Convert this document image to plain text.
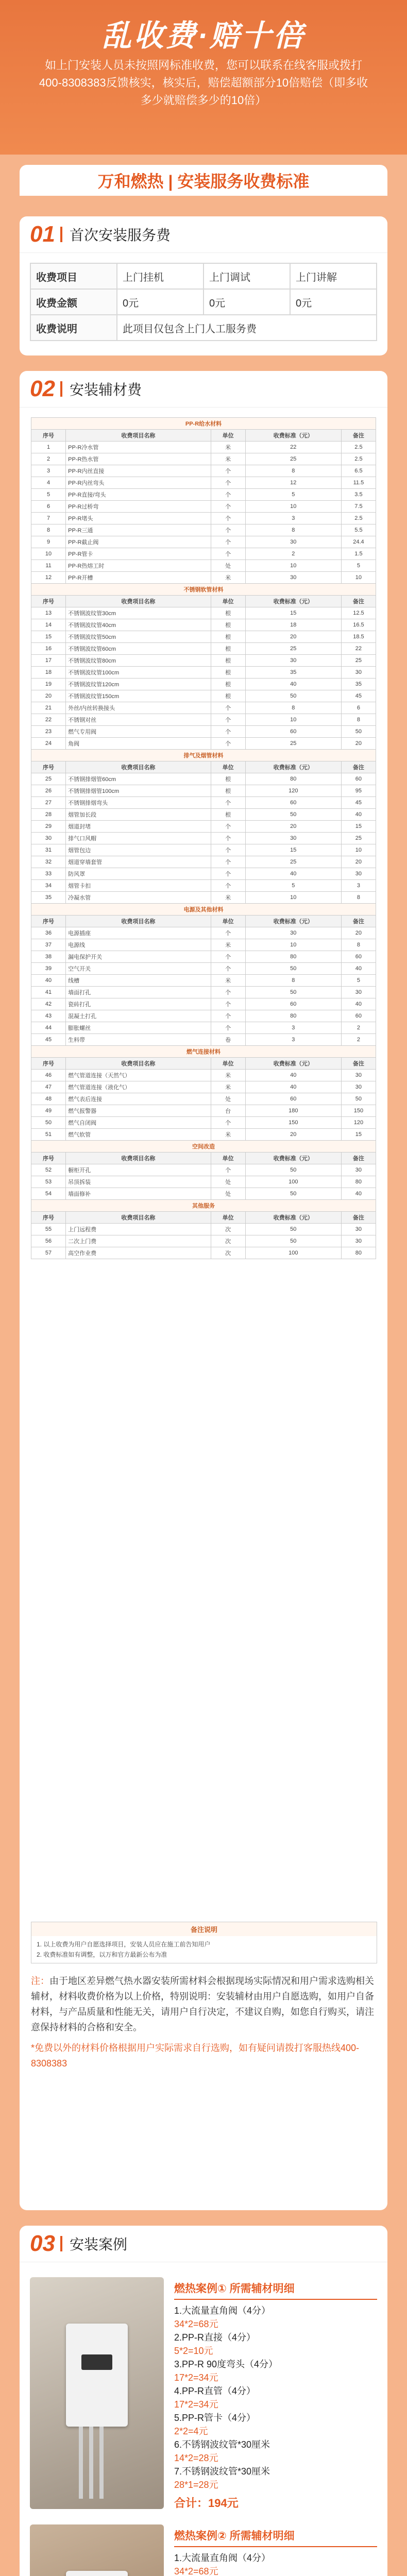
乱收费·赔十倍
如上门安装人员未按照网标准收费，您可以联系在线客服或拨打400-8308383反馈核实，核实后，赔偿超额部分10倍赔偿（即多收多少就赔偿多少的10倍）
万和燃热 | 安装服务收费标准
01 首次安装服务费
收费项目	上门挂机	上门调试	上门讲解
收费金额	0元	0元	0元
收费说明	此项目仅包含上门人工服务费		
02 安装辅材费
PP-R给水材料				
序号	收费项目名称	单位	收费标准（元）	备注
1	PP-R冷水管	米	22	2.5
2	PP-R热水管	米	25	2.5
3	PP-R内丝直接	个	8	6.5
4	PP-R内丝弯头	个	12	11.5
5	PP-R直接/弯头	个	5	3.5
6	PP-R过桥弯	个	10	7.5
7	PP-R堵头	个	3	2.5
8	PP-R三通	个	8	5.5
9	PP-R截止阀	个	30	24.4
10	PP-R管卡	个	2	1.5
11	PP-R热熔工时	处	10	5
12	PP-R开槽	米	30	10
不锈钢软管材料				
序号	收费项目名称	单位	收费标准（元）	备注
13	不锈钢波纹管30cm	根	15	12.5
14	不锈钢波纹管40cm	根	18	16.5
15	不锈钢波纹管50cm	根	20	18.5
16	不锈钢波纹管60cm	根	25	22
17	不锈钢波纹管80cm	根	30	25
18	不锈钢波纹管100cm	根	35	30
19	不锈钢波纹管120cm	根	40	35
20	不锈钢波纹管150cm	根	50	45
21	外丝/内丝转换接头	个	8	6
22	不锈钢对丝	个	10	8
23	燃气专用阀	个	60	50
24	角阀	个	25	20
排气及烟管材料				
序号	收费项目名称	单位	收费标准（元）	备注
25	不锈钢排烟管60cm	根	80	60
26	不锈钢排烟管100cm	根	120	95
27	不锈钢排烟弯头	个	60	45
28	烟管加长段	根	50	40
29	烟道封堵	个	20	15
30	排气口风帽	个	30	25
31	烟管包边	个	15	10
32	烟道穿墙套管	个	25	20
33	防风罩	个	40	30
34	烟管卡扣	个	5	3
35	冷凝水管	米	10	8
电源及其他材料				
序号	收费项目名称	单位	收费标准（元）	备注
36	电源插座	个	30	20
37	电源线	米	10	8
38	漏电保护开关	个	80	60
39	空气开关	个	50	40
40	线槽	米	8	5
41	墙面打孔	个	50	30
42	瓷砖打孔	个	60	40
43	混凝土打孔	个	80	60
44	膨胀螺丝	个	3	2
45	生料带	卷	3	2
燃气连接材料				
序号	收费项目名称	单位	收费标准（元）	备注
46	燃气管道连接（天然气）	米	40	30
47	燃气管道连接（液化气）	米	40	30
48	燃气表后连接	处	60	50
49	燃气报警器	台	180	150
50	燃气自闭阀	个	150	120
51	燃气软管	米	20	15
空间改造				
序号	收费项目名称	单位	收费标准（元）	备注
52	橱柜开孔	个	50	30
53	吊顶拆装	处	100	80
54	墙面修补	处	50	40
其他服务				
序号	收费项目名称	单位	收费标准（元）	备注
55	上门远程费	次	50	30
56	二次上门费	次	50	30
57	高空作业费	次	100	80
备注说明
1. 以上收费为用户自愿选择项目，安装人员应在施工前告知用户
2. 收费标准如有调整，以万和官方最新公布为准
注：由于地区差异燃气热水器安装所需材料会根据现场实际情况和用户需求选购相关辅材，材料收费价格为以上价格，特别说明：安装辅材由用户自愿选购，如用户自备材料，与产品质量和性能无关，请用户自行决定，不建议自购，如您自行购买，请注意保持材料的合格和安全。
*免费以外的材料价格根据用户实际需求自行选购，如有疑问请拨打客服热线400-8308383
03 安装案例
燃热案例① 所需辅材明细
1.大流量直角阀（4分）
34*2=68元
2.PP-R直接（4分）
5*2=10元
3.PP-R 90度弯头（4分）
17*2=34元
4.PP-R直管（4分）
17*2=34元
5.PP-R管卡（4分）
2*2=4元
6.不锈钢波纹管*30厘米
14*2=28元
7.不锈钢波纹管*30厘米
28*1=28元
合计：194元
燃热案例② 所需辅材明细
1.大流量直角阀（4分）
34*2=68元
